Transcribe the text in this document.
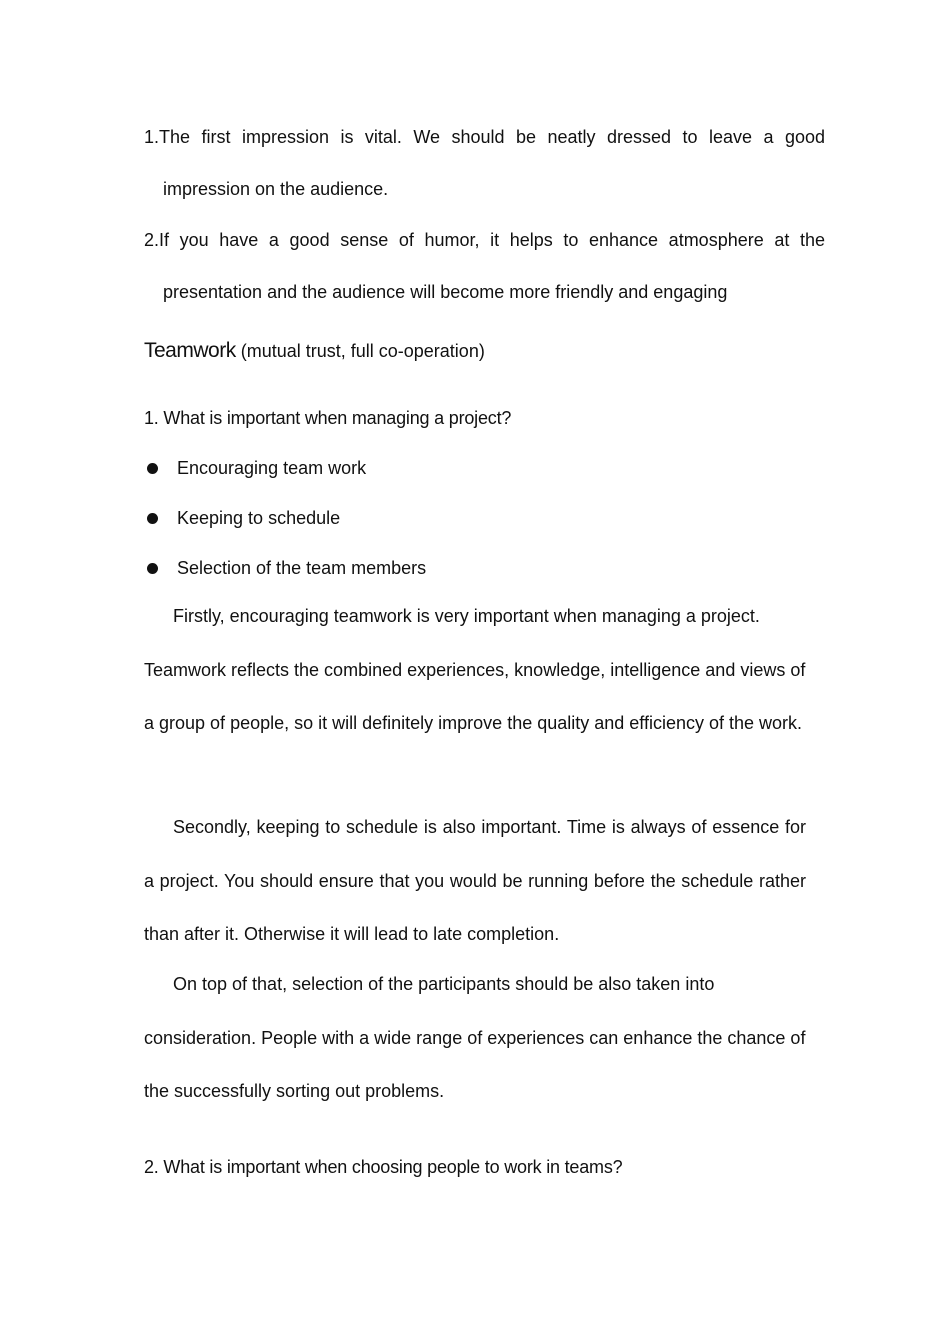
1.The first impression is vital. We should be neatly dressed to leave a good impression on the audience.

2.If you have a good sense of humor, it helps to enhance atmosphere at the presentation and the audience will become more friendly and engaging

Teamwork (mutual trust, full co-operation)
1. What is important when managing a project?
Encouraging team work
Keeping to schedule
Selection of the team members

Firstly, encouraging teamwork is very important when managing a project. Teamwork reflects the combined experiences, knowledge, intelligence and views of a group of people, so it will definitely improve the quality and efficiency of the work.

Secondly, keeping to schedule is also important. Time is always of essence for a project. You should ensure that you would be running before the schedule rather than after it. Otherwise it will lead to late completion.

On top of that, selection of the participants should be also taken into consideration. People with a wide range of experiences can enhance the chance of the successfully sorting out problems.

2. What is important when choosing people to work in teams?
